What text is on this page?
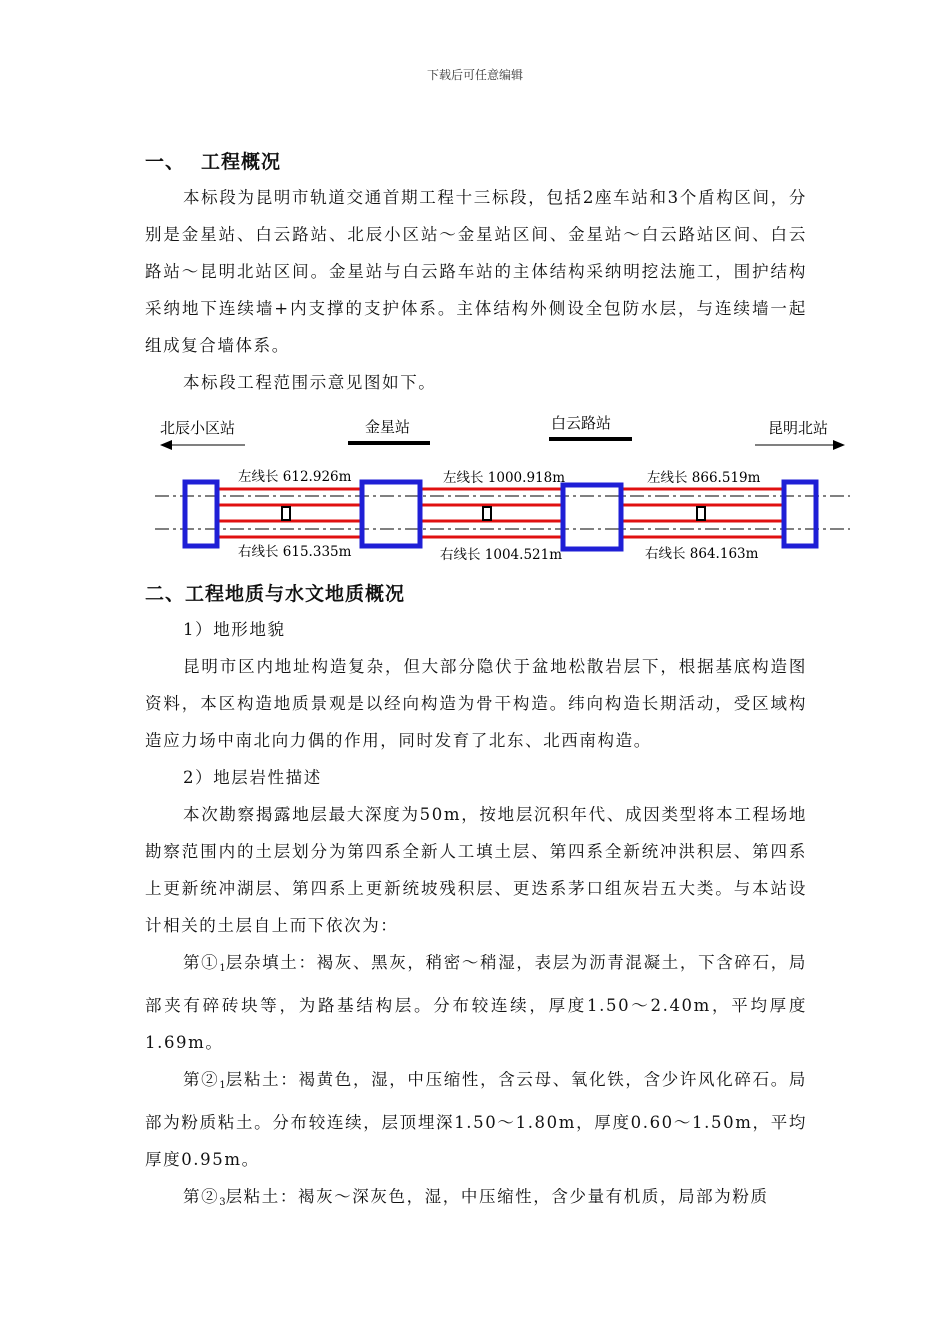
下载后可任意编辑
一、 工程概况

本标段为昆明市轨道交通首期工程十三标段，包括2座车站和3个盾构区间，分别是金星站、白云路站、北辰小区站～金星站区间、金星站～白云路站区间、白云路站～昆明北站区间。金星站与白云路车站的主体结构采纳明挖法施工，围护结构采纳地下连续墙+内支撑的支护体系。主体结构外侧设全包防水层，与连续墙一起组成复合墙体系。

本标段工程范围示意见图如下。

北辰小区站	昆明北站
金星站	白云路站
左线长 612.926m
右线长 615.335m
左线长 1000.918m
右线长 1004.521m
左线长 866.519m
右线长 864.163m
二、工程地质与水文地质概况

1）地形地貌

昆明市区内地址构造复杂，但大部分隐伏于盆地松散岩层下，根据基底构造图资料，本区构造地质景观是以经向构造为骨干构造。纬向构造长期活动，受区域构造应力场中南北向力偶的作用，同时发育了北东、北西南构造。

2）地层岩性描述

本次勘察揭露地层最大深度为50m，按地层沉积年代、成因类型将本工程场地勘察范围内的土层划分为第四系全新人工填土层、第四系全新统冲洪积层、第四系上更新统冲湖层、第四系上更新统坡残积层、更迭系茅口组灰岩五大类。与本站设计相关的土层自上而下依次为：

第$①_1$层杂填土：褐灰、黑灰，稍密～稍湿，表层为沥青混凝土，下含碎石，局部夹有碎砖块等，为路基结构层。分布较连续，厚度1.50～2.40m，平均厚度1.69m。

第$②_1$层粘土：褐黄色，湿，中压缩性，含云母、氧化铁，含少许风化碎石。局部为粉质粘土。分布较连续，层顶埋深1.50～1.80m，厚度0.60～1.50m，平均厚度0.95m。

第$②_3$层粘土：褐灰～深灰色，湿，中压缩性，含少量有机质，局部为粉质
